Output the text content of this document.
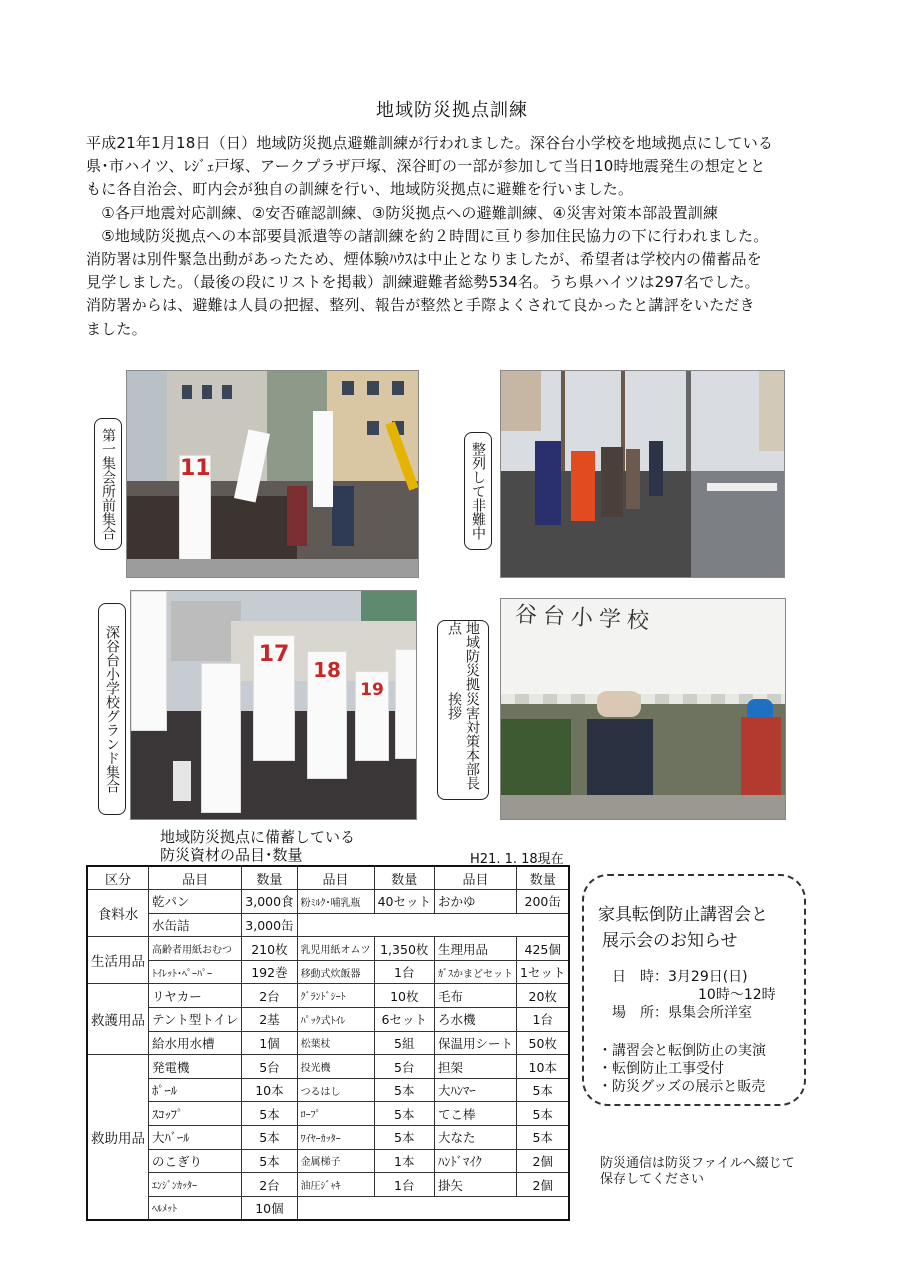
地域防災拠点訓練
平成21年1月18日（日）地域防災拠点避難訓練が行われました。深谷台小学校を地域拠点にしている
県･市ハイツ、ﾚｼﾞｪ戸塚、アークプラザ戸塚、深谷町の一部が参加して当日10時地震発生の想定とと
もに各自治会、町内会が独自の訓練を行い、地域防災拠点に避難を行いました。
　①各戸地震対応訓練、②安否確認訓練、③防災拠点への避難訓練、④災害対策本部設置訓練
　⑤地域防災拠点への本部要員派遣等の諸訓練を約２時間に亘り参加住民協力の下に行われました。
消防署は別件緊急出動があったため、煙体験ﾊｳｽは中止となりましたが、希望者は学校内の備蓄品を
見学しました。（最後の段にリストを掲載）訓練避難者総勢534名。うち県ハイツは297名でした。
消防署からは、避難は人員の把握、整列、報告が整然と手際よくされて良かったと講評をいただき
ました。
11
第一集会所前集合	整列して非難中
17
18
19
深谷台小学校グランド集合
谷台小学校
地域防災拠点
災害対策本部長挨拶
地域防災拠点に備蓄している
防災資材の品目･数量	H21. 1. 18現在
区分	品目	数量	品目	数量	品目	数量
食料水	乾パン	3,000食	粉ﾐﾙｸ･哺乳瓶	40セット	おかゆ	200缶
	水缶詰	3,000缶				
生活用品	高齢者用紙おむつ	210枚	乳児用紙オムツ	1,350枚	生理用品	425個
	ﾄｲﾚｯﾄ･ﾍﾟｰﾊﾟｰ	192巻	移動式炊飯器	1台	ｶﾞｽかまどセット	1セット
救護用品	リヤカー	2台	ｸﾞﾗﾝﾄﾞｼｰﾄ	10枚	毛布	20枚
	テント型トイレ	2基	ﾊﾟｯｸ式ﾄｲﾚ	6セット	ろ水機	1台
	給水用水槽	1個	松葉杖	5組	保温用シート	50枚
救助用品	発電機	5台	投光機	5台	担架	10本
	ﾎﾟｰﾙ	10本	つるはし	5本	大ﾊﾝﾏｰ	5本
	ｽｺｯﾌﾟ	5本	ﾛｰﾌﾟ	5本	てこ棒	5本
	大ﾊﾞｰﾙ	5本	ﾜｲﾔｰｶｯﾀｰ	5本	大なた	5本
	のこぎり	5本	金属梯子	1本	ﾊﾝﾄﾞﾏｲｸ	2個
	ｴﾝｼﾞﾝｶｯﾀｰ	2台	油圧ｼﾞｬｷ	1台	掛矢	2個
	ﾍﾙﾒｯﾄ	10個				
家具転倒防止講習会と
展示会のお知らせ
日　時：3月29日(日)
10時～12時
場　所：県集会所洋室
・講習会と転倒防止の実演
・転倒防止工事受付
・防災グッズの展示と販売
防災通信は防災ファイルへ綴じて
保存してください
